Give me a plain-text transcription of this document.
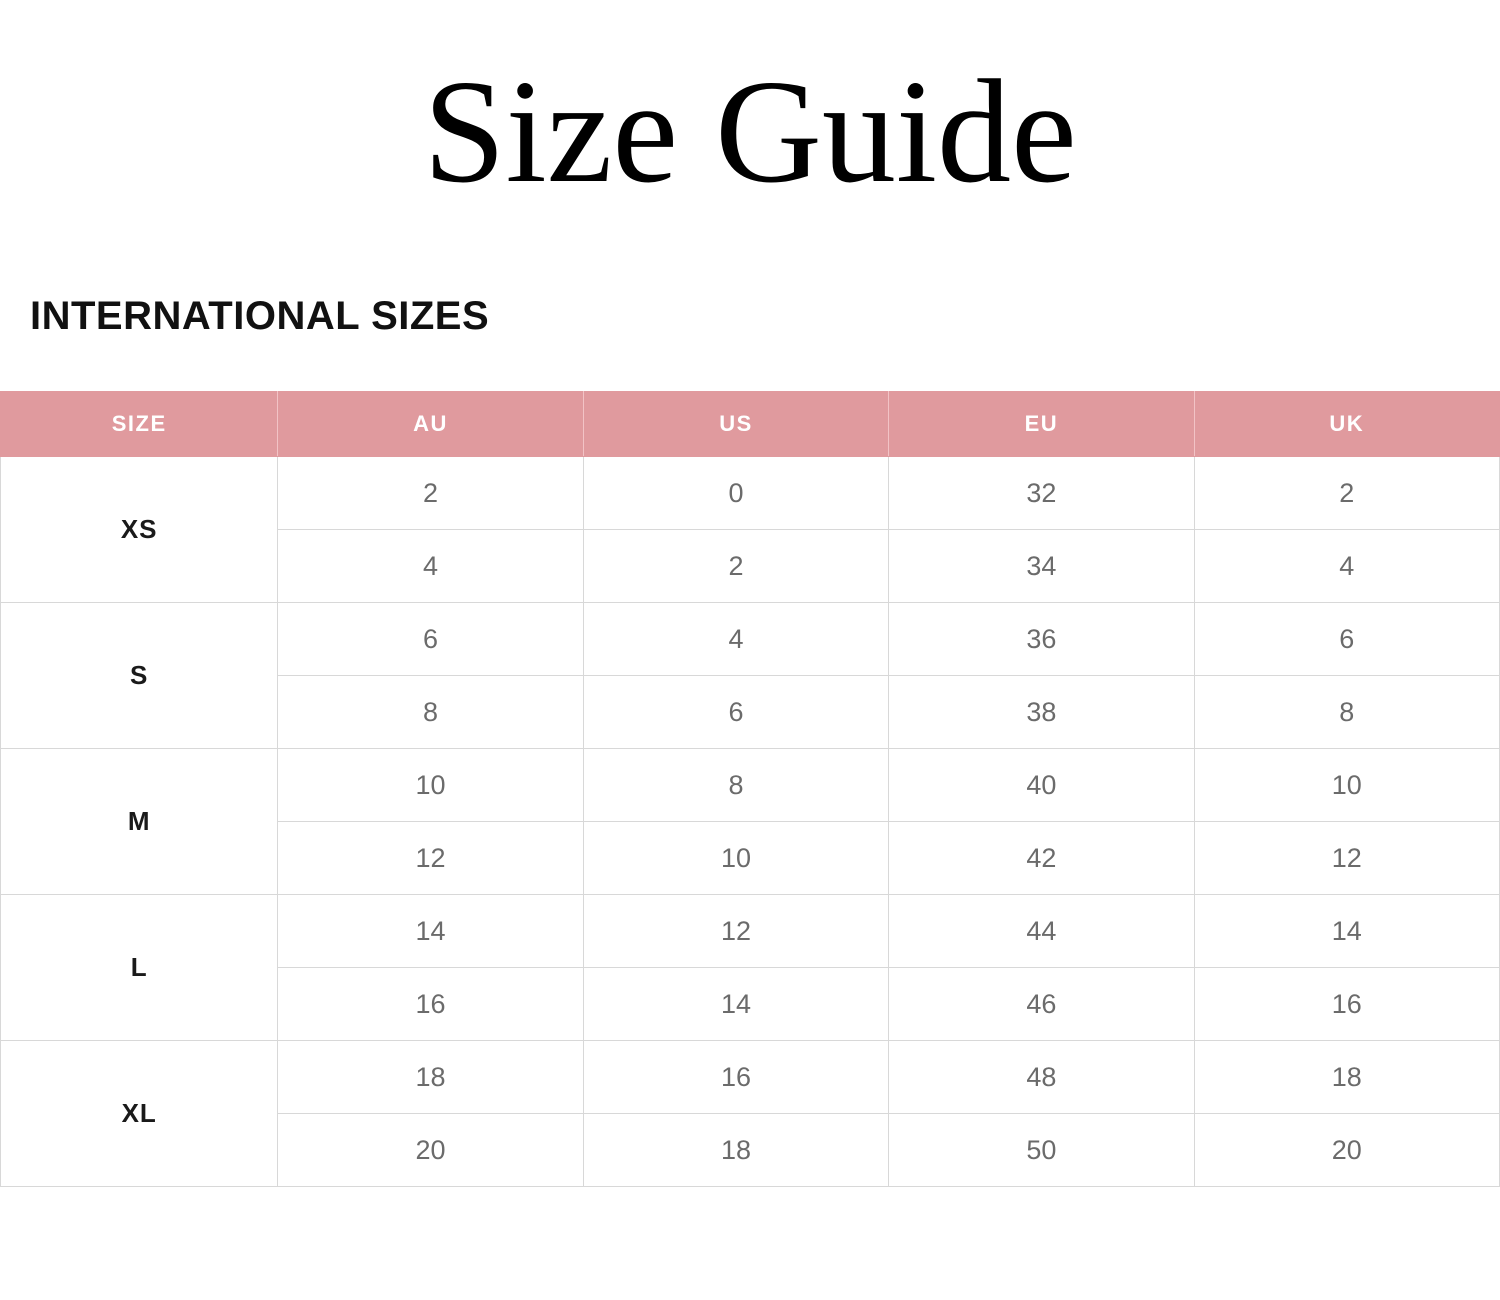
Size Guide
INTERNATIONAL SIZES
SIZE	AU	US	EU	UK
XS	2	0	32	2
	4	2	34	4
S	6	4	36	6
	8	6	38	8
M	10	8	40	10
	12	10	42	12
L	14	12	44	14
	16	14	46	16
XL	18	16	48	18
	20	18	50	20
